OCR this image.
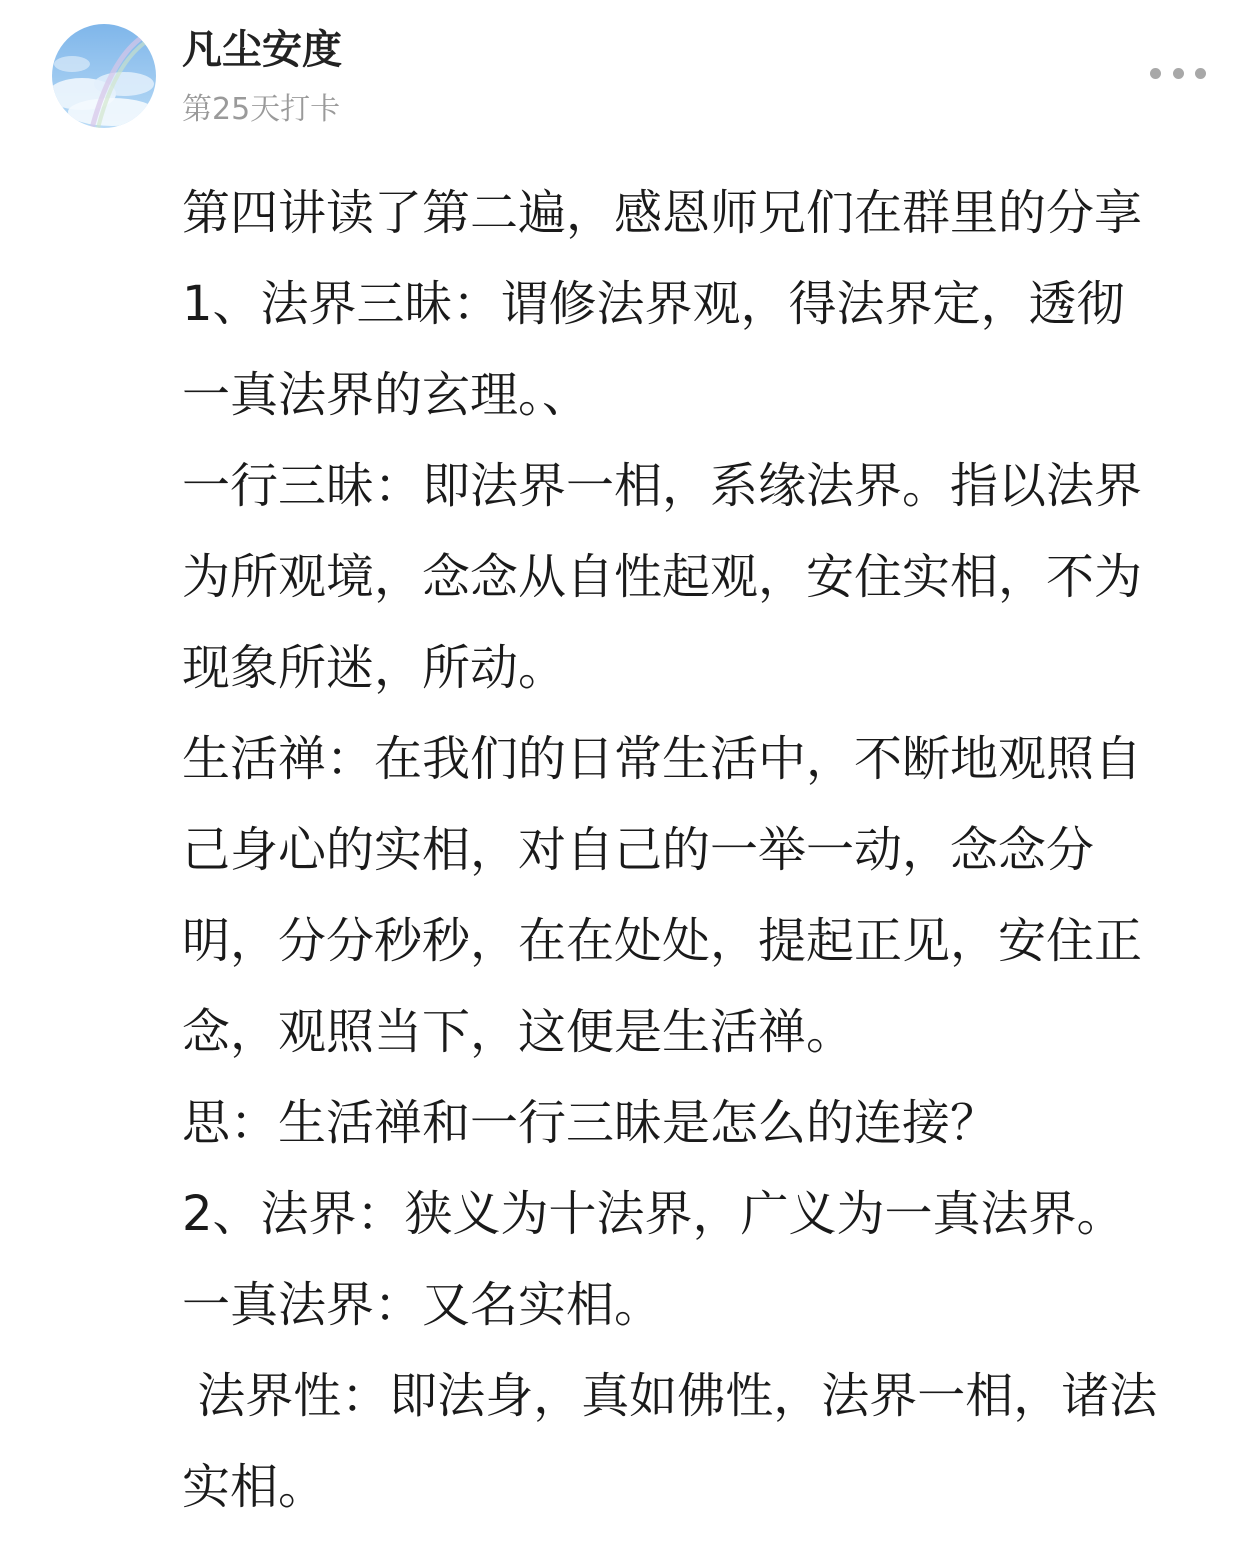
凡尘安度
第25天打卡
第四讲读了第二遍，感恩师兄们在群里的分享
1、法界三昧：谓修法界观，得法界定，透彻
一真法界的玄理。、
一行三昧：即法界一相，系缘法界。指以法界
为所观境，念念从自性起观，安住实相，不为
现象所迷，所动。
生活禅：在我们的日常生活中，不断地观照自
己身心的实相，对自己的一举一动，念念分
明，分分秒秒，在在处处，提起正见，安住正
念，观照当下，这便是生活禅。
思：生活禅和一行三昧是怎么的连接？
2、法界：狭义为十法界，广义为一真法界。
一真法界：又名实相。
法界性：即法身，真如佛性，法界一相，诸法
实相。
